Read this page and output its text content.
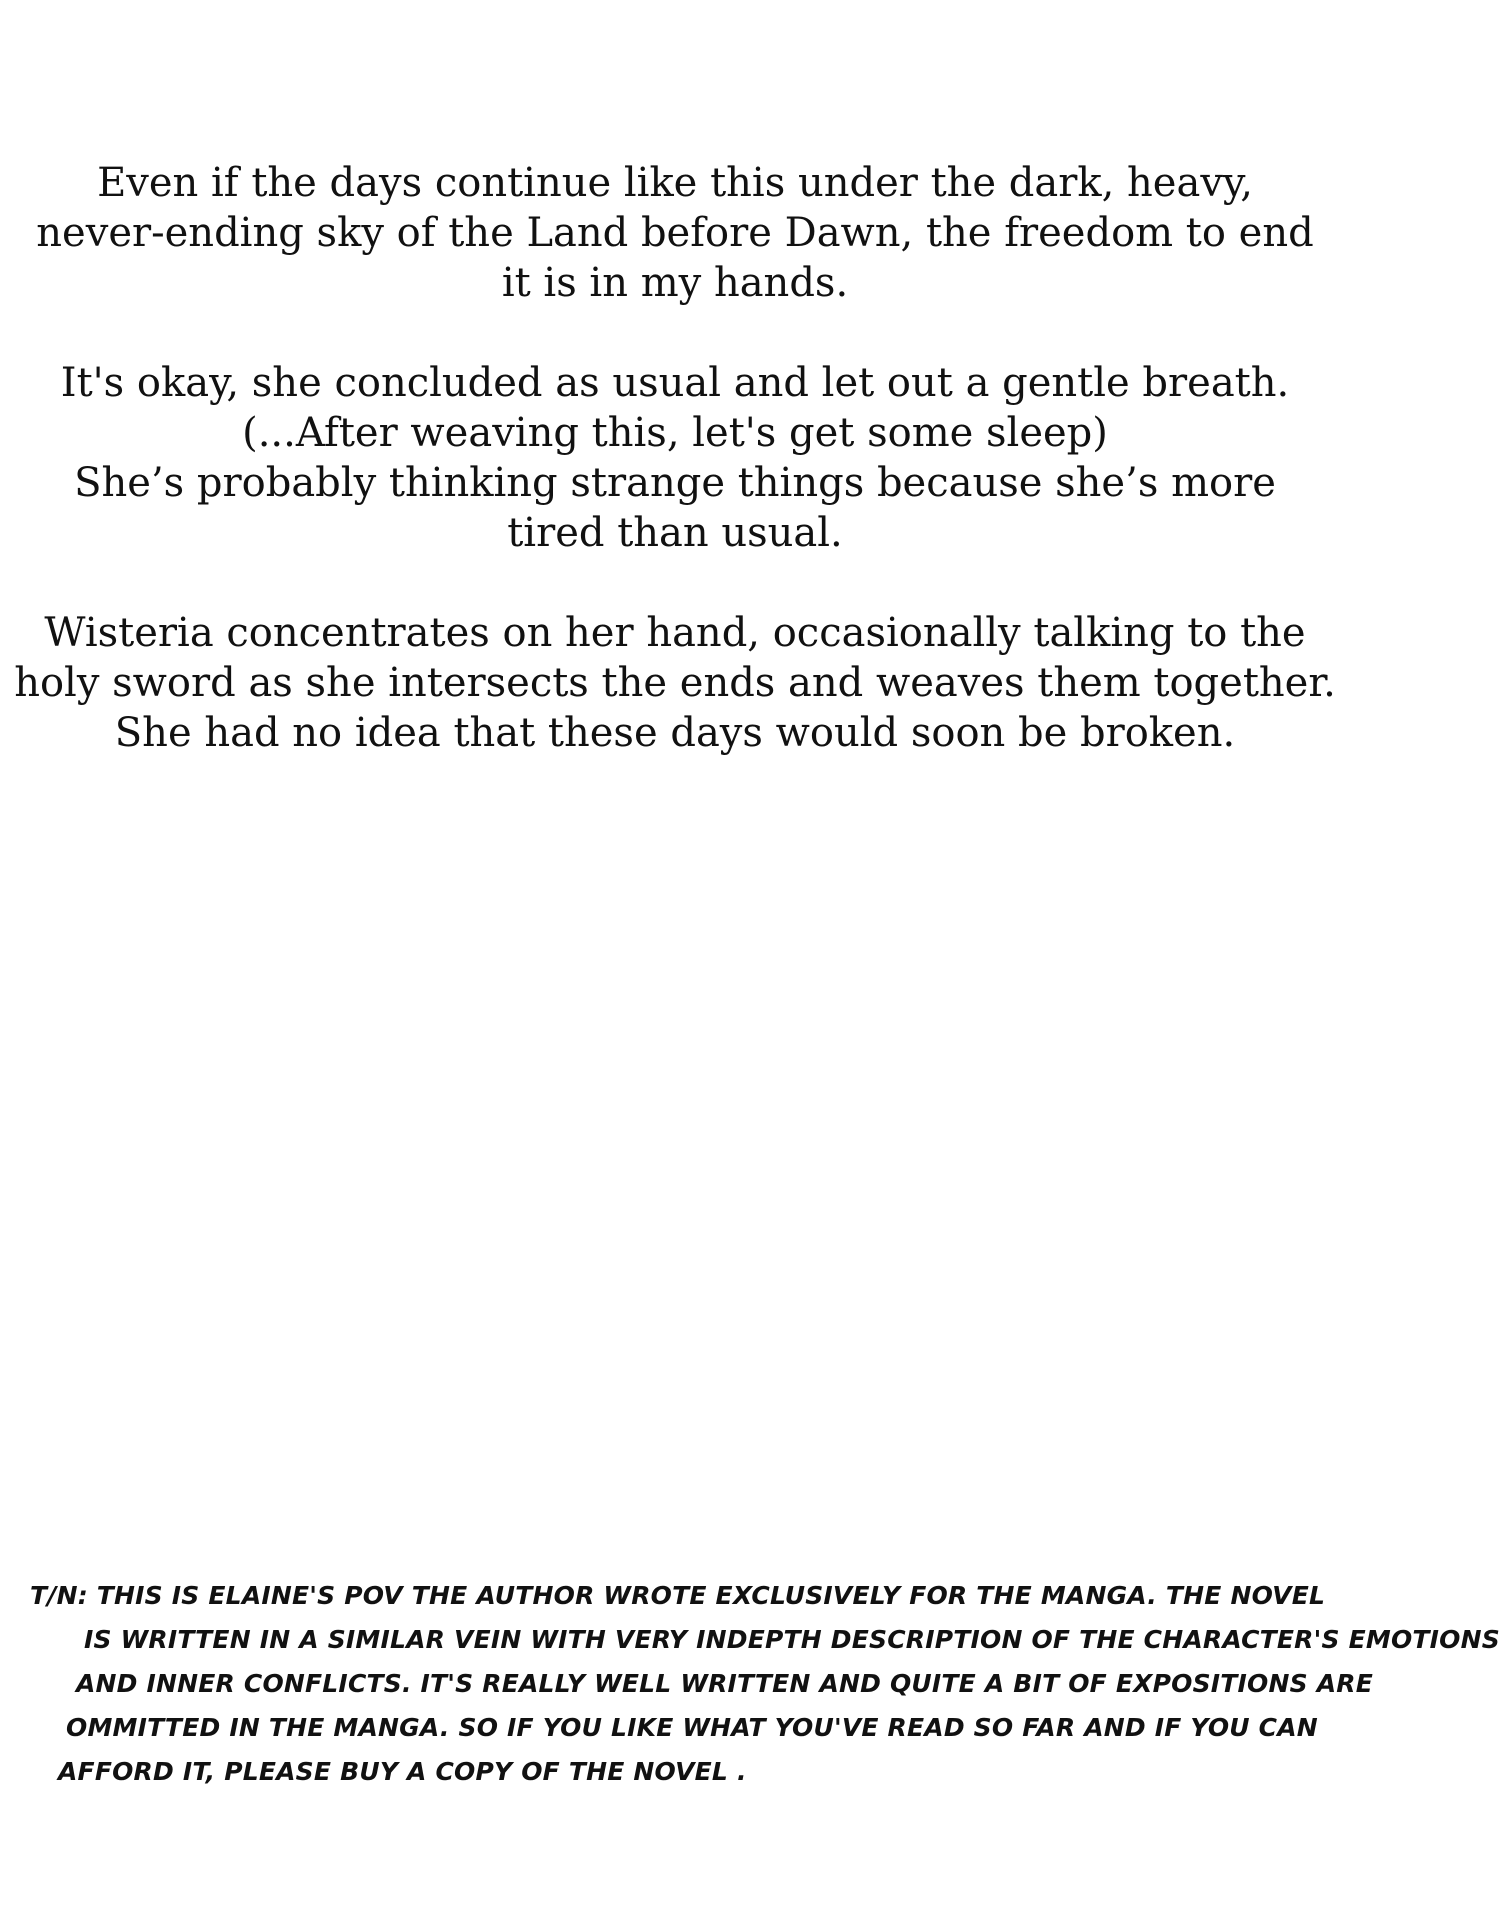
Even if the days continue like this under the dark, heavy,
never-ending sky of the Land before Dawn, the freedom to end
it is in my hands.
It's okay, she concluded as usual and let out a gentle breath.
(...After weaving this, let's get some sleep)
She’s probably thinking strange things because she’s more
tired than usual.
Wisteria concentrates on her hand, occasionally talking to the
holy sword as she intersects the ends and weaves them together.
She had no idea that these days would soon be broken.
T/N: THIS IS ELAINE'S POV THE AUTHOR WROTE EXCLUSIVELY FOR THE MANGA. THE NOVEL
IS WRITTEN IN A SIMILAR VEIN WITH VERY INDEPTH DESCRIPTION OF THE CHARACTER'S EMOTIONS
AND INNER CONFLICTS. IT'S REALLY WELL WRITTEN AND QUITE A BIT OF EXPOSITIONS ARE
OMMITTED IN THE MANGA. SO IF YOU LIKE WHAT YOU'VE READ SO FAR AND IF YOU CAN
AFFORD IT, PLEASE BUY A COPY OF THE NOVEL .
